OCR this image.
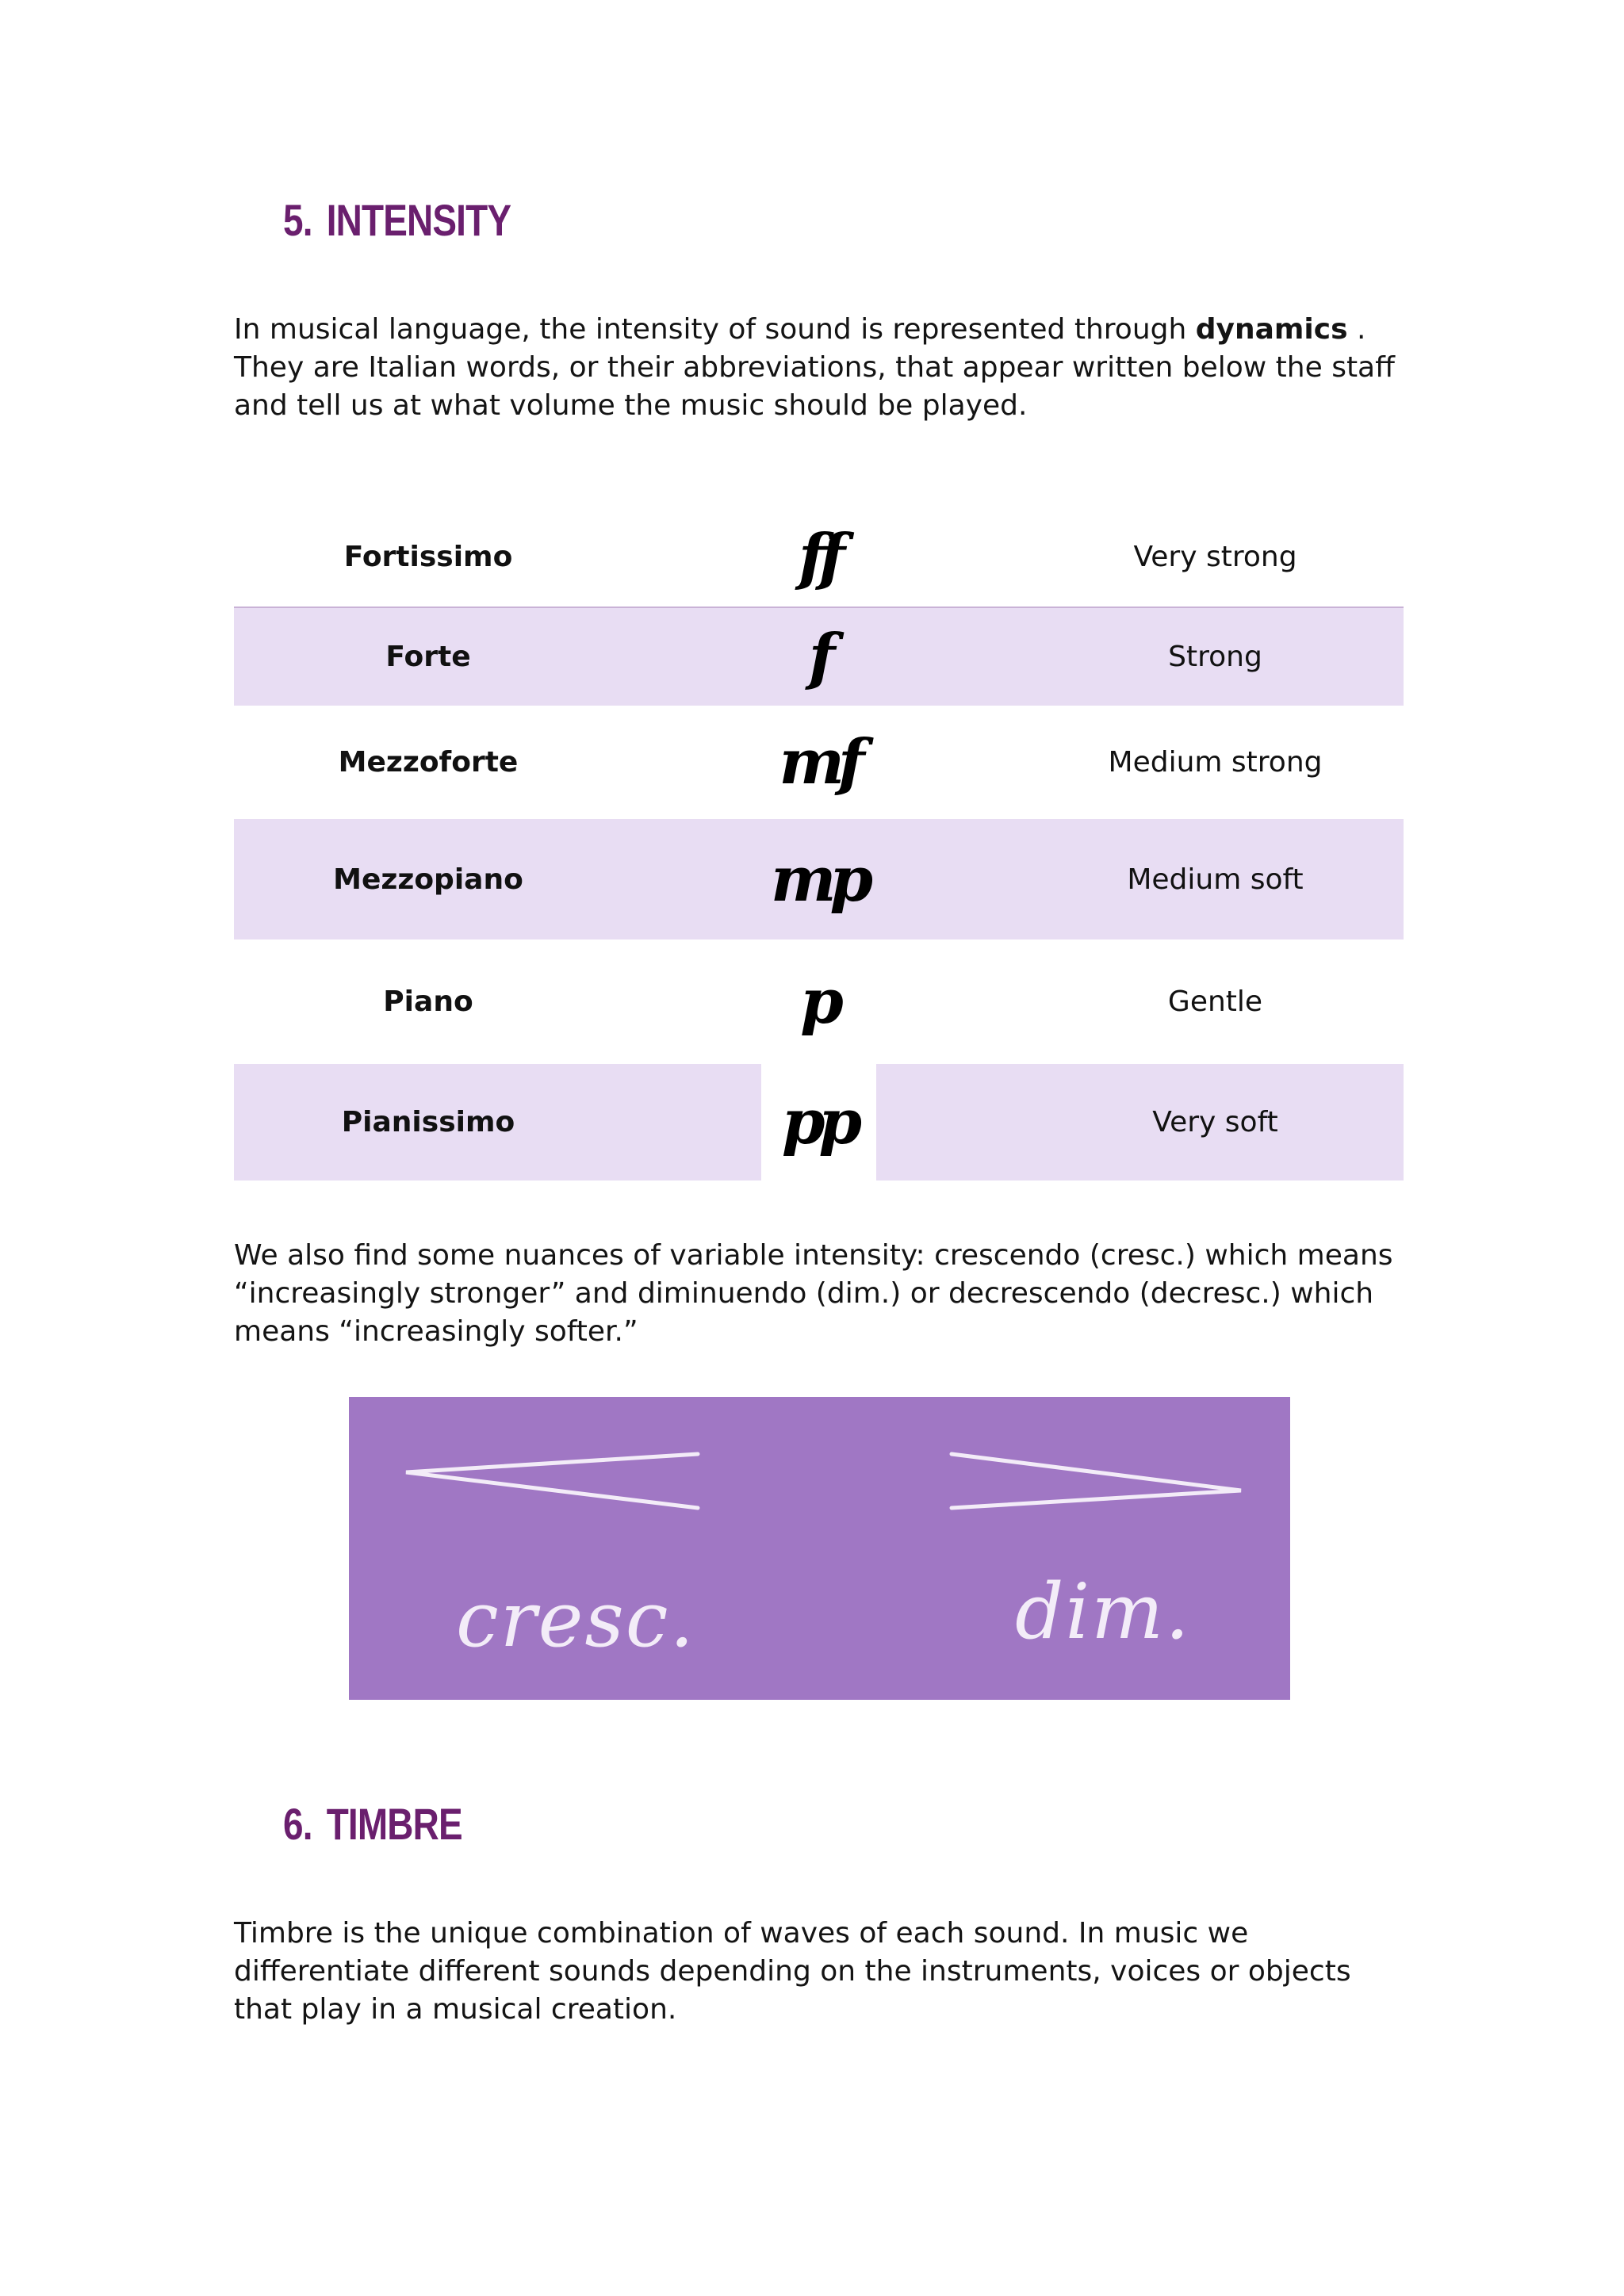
5. INTENSITY

In musical language, the intensity of sound is represented through dynamics . They are Italian words, or their abbreviations, that appear written below the staff and tell us at what volume the music should be played.

Fortissimo	ff	Very strong
Forte	f	Strong
Mezzoforte	mf	Medium strong
Mezzopiano	mp	Medium soft
Piano	p	Gentle
Pianissimo	pp	Very soft

We also find some nuances of variable intensity: crescendo (cresc.) which means “increasingly stronger” and diminuendo (dim.) or decrescendo (decresc.) which means “increasingly softer.”

cresc.	dim.
6. TIMBRE

Timbre is the unique combination of waves of each sound. In music we differentiate different sounds depending on the instruments, voices or objects that play in a musical creation.
